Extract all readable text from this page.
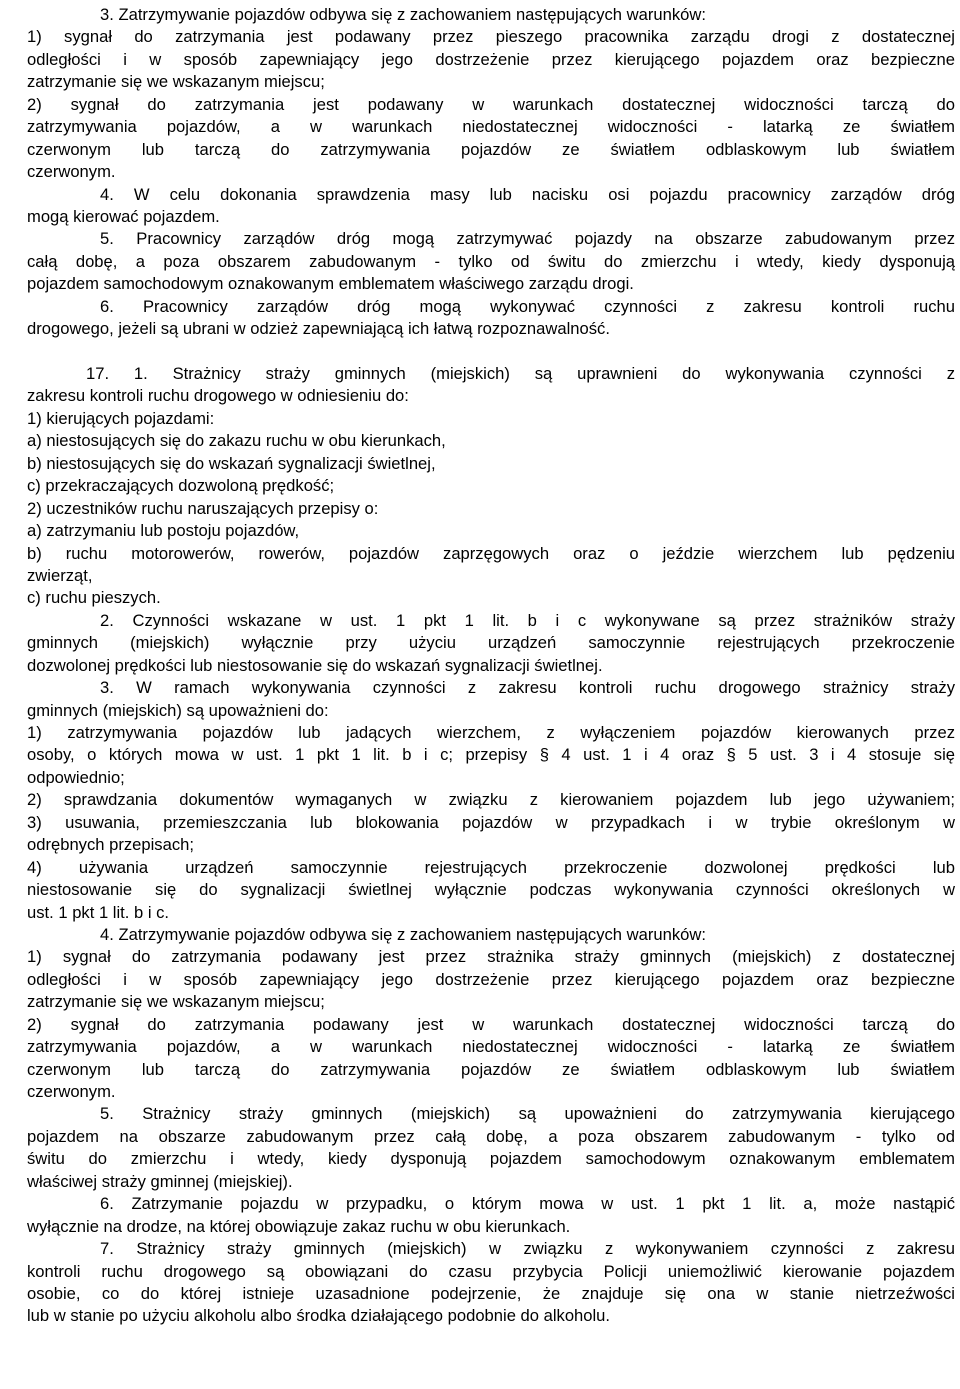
3. Zatrzymywanie pojazdów odbywa się z zachowaniem następujących warunków:
1) sygnał do zatrzymania jest podawany przez pieszego pracownika zarządu drogi z dostatecznej
odległości i w sposób zapewniający jego dostrzeżenie przez kierującego pojazdem oraz bezpieczne
zatrzymanie się we wskazanym miejscu;
2) sygnał do zatrzymania jest podawany w warunkach dostatecznej widoczności tarczą do
zatrzymywania pojazdów, a w warunkach niedostatecznej widoczności - latarką ze światłem
czerwonym lub tarczą do zatrzymywania pojazdów ze światłem odblaskowym lub światłem
czerwonym.
4. W celu dokonania sprawdzenia masy lub nacisku osi pojazdu pracownicy zarządów dróg
mogą kierować pojazdem.
5. Pracownicy zarządów dróg mogą zatrzymywać pojazdy na obszarze zabudowanym przez
całą dobę, a poza obszarem zabudowanym - tylko od świtu do zmierzchu i wtedy, kiedy dysponują
pojazdem samochodowym oznakowanym emblematem właściwego zarządu drogi.
6. Pracownicy zarządów dróg mogą wykonywać czynności z zakresu kontroli ruchu
drogowego, jeżeli są ubrani w odzież zapewniającą ich łatwą rozpoznawalność.
17. 1. Strażnicy straży gminnych (miejskich) są uprawnieni do wykonywania czynności z
zakresu kontroli ruchu drogowego w odniesieniu do:
1) kierujących pojazdami:
a) niestosujących się do zakazu ruchu w obu kierunkach,
b) niestosujących się do wskazań sygnalizacji świetlnej,
c) przekraczających dozwoloną prędkość;
2) uczestników ruchu naruszających przepisy o:
a) zatrzymaniu lub postoju pojazdów,
b) ruchu motorowerów, rowerów, pojazdów zaprzęgowych oraz o jeździe wierzchem lub pędzeniu
zwierząt,
c) ruchu pieszych.
2. Czynności wskazane w ust. 1 pkt 1 lit. b i c wykonywane są przez strażników straży
gminnych (miejskich) wyłącznie przy użyciu urządzeń samoczynnie rejestrujących przekroczenie
dozwolonej prędkości lub niestosowanie się do wskazań sygnalizacji świetlnej.
3. W ramach wykonywania czynności z zakresu kontroli ruchu drogowego strażnicy straży
gminnych (miejskich) są upoważnieni do:
1) zatrzymywania pojazdów lub jadących wierzchem, z wyłączeniem pojazdów kierowanych przez
osoby, o których mowa w ust. 1 pkt 1 lit. b i c; przepisy § 4 ust. 1 i 4 oraz § 5 ust. 3 i 4 stosuje się
odpowiednio;
2) sprawdzania dokumentów wymaganych w związku z kierowaniem pojazdem lub jego używaniem;
3) usuwania, przemieszczania lub blokowania pojazdów w przypadkach i w trybie określonym w
odrębnych przepisach;
4) używania urządzeń samoczynnie rejestrujących przekroczenie dozwolonej prędkości lub
niestosowanie się do sygnalizacji świetlnej wyłącznie podczas wykonywania czynności określonych w
ust. 1 pkt 1 lit. b i c.
4. Zatrzymywanie pojazdów odbywa się z zachowaniem następujących warunków:
1) sygnał do zatrzymania podawany jest przez strażnika straży gminnych (miejskich) z dostatecznej
odległości i w sposób zapewniający jego dostrzeżenie przez kierującego pojazdem oraz bezpieczne
zatrzymanie się we wskazanym miejscu;
2) sygnał do zatrzymania podawany jest w warunkach dostatecznej widoczności tarczą do
zatrzymywania pojazdów, a w warunkach niedostatecznej widoczności - latarką ze światłem
czerwonym lub tarczą do zatrzymywania pojazdów ze światłem odblaskowym lub światłem
czerwonym.
5. Strażnicy straży gminnych (miejskich) są upoważnieni do zatrzymywania kierującego
pojazdem na obszarze zabudowanym przez całą dobę, a poza obszarem zabudowanym - tylko od
świtu do zmierzchu i wtedy, kiedy dysponują pojazdem samochodowym oznakowanym emblematem
właściwej straży gminnej (miejskiej).
6. Zatrzymanie pojazdu w przypadku, o którym mowa w ust. 1 pkt 1 lit. a, może nastąpić
wyłącznie na drodze, na której obowiązuje zakaz ruchu w obu kierunkach.
7. Strażnicy straży gminnych (miejskich) w związku z wykonywaniem czynności z zakresu
kontroli ruchu drogowego są obowiązani do czasu przybycia Policji uniemożliwić kierowanie pojazdem
osobie, co do której istnieje uzasadnione podejrzenie, że znajduje się ona w stanie nietrzeźwości
lub w stanie po użyciu alkoholu albo środka działającego podobnie do alkoholu.
